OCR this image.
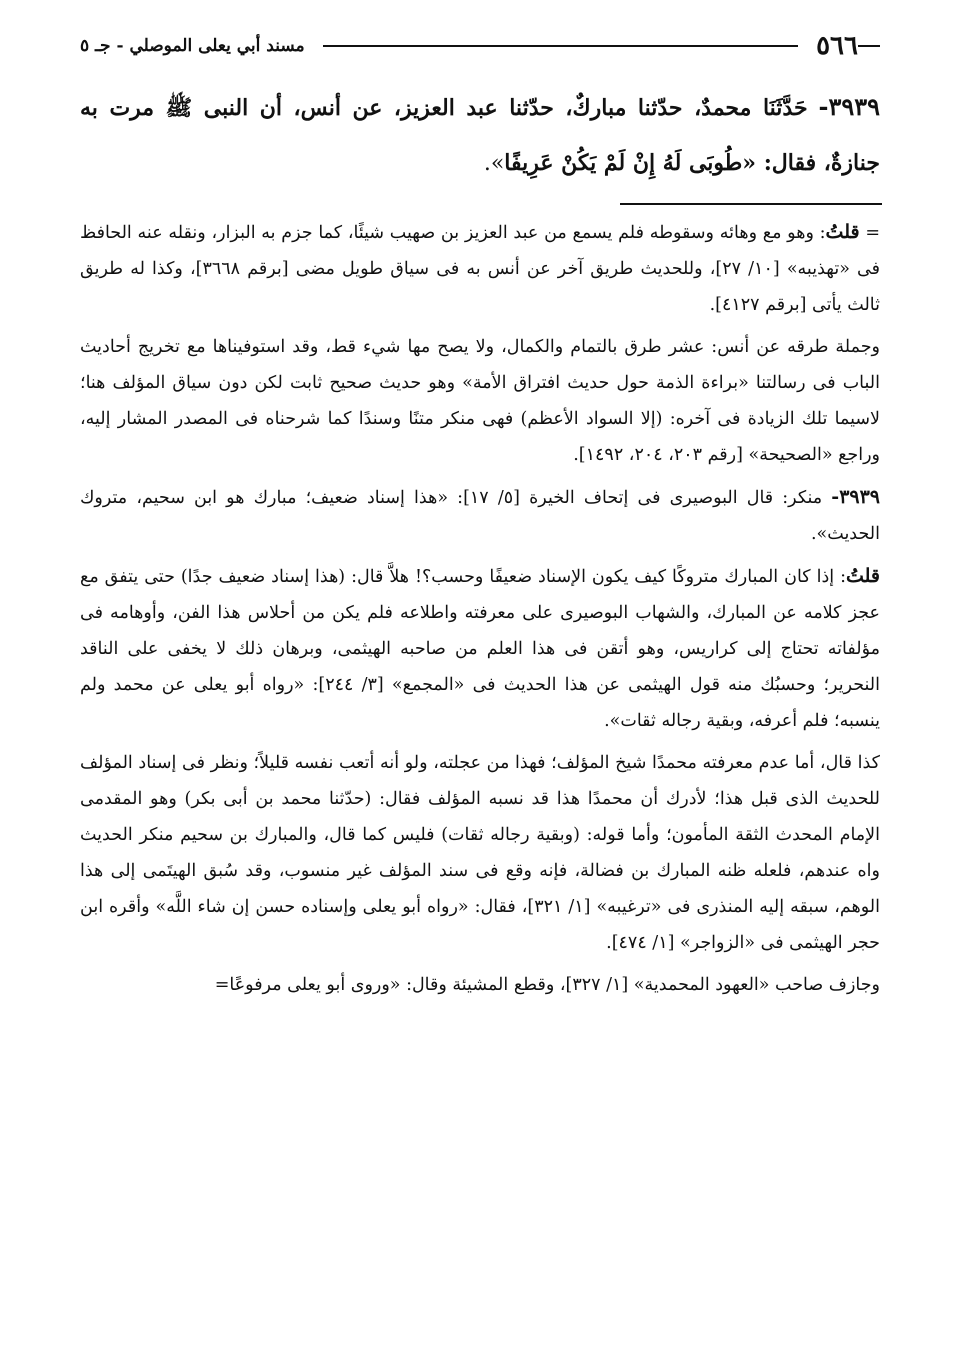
٥٦٦
مسند أبي يعلى الموصلي - جـ ٥

٣٩٣٩- حَدَّثَنَا محمدٌ، حدّثنا مباركٌ، حدّثنا عبد العزيز، عن أنس، أن النبى ﷺ مرت به جنازةٌ، فقال: «طُوبَى لَهُ إِنْ لَمْ يَكُنْ عَرِيفًا».

= قلتُ: وهو مع وهائه وسقوطه فلم يسمع من عبد العزيز بن صهيب شيئًا، كما جزم به البزار، ونقله عنه الحافظ فى «تهذيبه» [١٠/ ٢٧]، وللحديث طريق آخر عن أنس به فى سياق طويل مضى [برقم ٣٦٦٨]، وكذا له طريق ثالث يأتى [برقم ٤١٢٧].

وجملة طرقه عن أنس: عشر طرق بالتمام والكمال، ولا يصح مها شيء قط، وقد استوفيناها مع تخريج أحاديث الباب فى رسالتنا «براءة الذمة حول حديث افتراق الأمة» وهو حديث صحيح ثابت لكن دون سياق المؤلف هنا؛ لاسيما تلك الزيادة فى آخره: (إلا السواد الأعظم) فهى منكر متنًا وسندًا كما شرحناه فى المصدر المشار إليه، وراجع «الصحيحة» [رقم ٢٠٣، ٢٠٤، ١٤٩٢].

٣٩٣٩- منكر: قال البوصيرى فى إتحاف الخيرة [٥/ ١٧]: «هذا إسناد ضعيف؛ مبارك هو ابن سحيم، متروك الحديث».

قلتُ: إذا كان المبارك متروكًا كيف يكون الإسناد ضعيفًا وحسب؟! هلاَّ قال: (هذا إسناد ضعيف جدًا) حتى يتفق مع عجز كلامه عن المبارك، والشهاب البوصيرى على معرفته واطلاعه فلم يكن من أحلاس هذا الفن، وأوهامه فى مؤلفاته تحتاج إلى كراريس، وهو أتقن فى هذا العلم من صاحبه الهيثمى، وبرهان ذلك لا يخفى على الناقد النحرير؛ وحسبُك منه قول الهيثمى عن هذا الحديث فى «المجمع» [٣/ ٢٤٤]: «رواه أبو يعلى عن محمد ولم ينسبه؛ فلم أعرفه، وبقية رجاله ثقات».

كذا قال، أما عدم معرفته محمدًا شيخ المؤلف؛ فهذا من عجلته، ولو أنه أتعب نفسه قليلاً؛ ونظر فى إسناد المؤلف للحديث الذى قبل هذا؛ لأدرك أن محمدًا هذا قد نسبه المؤلف فقال: (حدّثنا محمد بن أبى بكر) وهو المقدمى الإمام المحدث الثقة المأمون؛ وأما قوله: (وبقية رجاله ثقات) فليس كما قال، والمبارك بن سحيم منكر الحديث واه عندهم، فلعله ظنه المبارك بن فضالة، فإنه وقع فى سند المؤلف غير منسوب، وقد سُبق الهيتَمى إلى هذا الوهم، سبقه إليه المنذرى فى «ترغيبه» [١/ ٣٢١]، فقال: «رواه أبو يعلى وإسناده حسن إن شاء اللَّه» وأقره ابن حجر الهيثمى فى «الزواجر» [١/ ٤٧٤].

وجازف صاحب «العهود المحمدية» [١/ ٣٢٧]، وقطع المشيئة وقال: «وروى أبو يعلى مرفوعًا=
